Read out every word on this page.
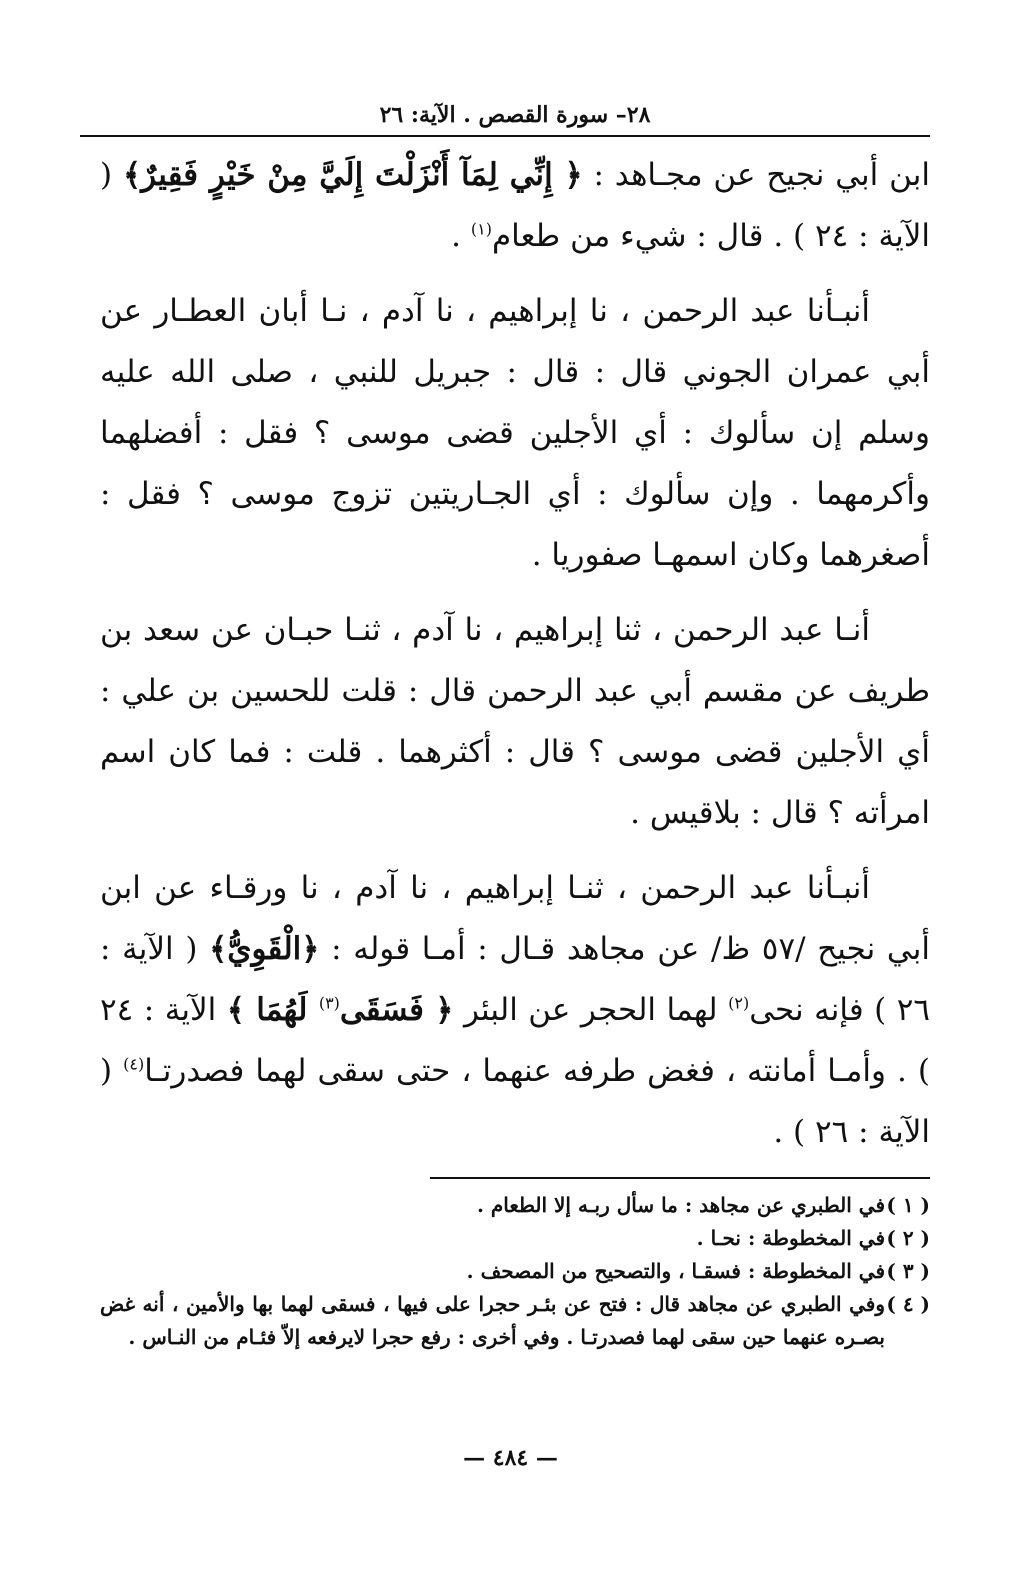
٢٨– سورة القصص . الآية: ٢٦

ابن أبي نجيح عن مجـاهد : ﴿ إِنِّي لِمَآ أَنْزَلْتَ إِلَيَّ مِنْ خَيْرٍ فَقِيرٌ﴾ ( الآية : ٢٤ ) . قال : شيء من طعام$^{(١)}$ .

أنبـأنا عبد الرحمن ، نا إبراهيم ، نا آدم ، نـا أبان العطـار عن أبي عمران الجوني قال : قال : جبريل للنبي ، صلى الله عليه وسلم إن سألوك : أي الأجلين قضى موسى ؟ فقل : أفضلهما وأكرمهما . وإن سألوك : أي الجـاريتين تزوج موسى ؟ فقل : أصغرهما وكان اسمهـا صفوريا .

أنـا عبد الرحمن ، ثنا إبراهيم ، نا آدم ، ثنـا حبـان عن سعد بن طريف عن مقسم أبي عبد الرحمن قال : قلت للحسين بن علي : أي الأجلين قضى موسى ؟ قال : أكثرهما . قلت : فما كان اسم امرأته ؟ قال : بلاقيس .

أنبـأنا عبد الرحمن ، ثنـا إبراهيم ، نا آدم ، نا ورقـاء عن ابن أبي نجيح /٥٧ ظ/ عن مجاهد قـال : أمـا قوله : ﴿الْقَوِيُّ﴾ ( الآية : ٢٦ ) فإنه نحى$^{(٢)}$ لهما الحجر عن البئر ﴿ فَسَقَى$^{(٣)}$ لَهُمَا ﴾ الآية : ٢٤ ) . وأمـا أمانته ، فغض طرفه عنهما ، حتى سقى لهما فصدرتـا$^{(٤)}$ ( الآية : ٢٦ ) .

( ١ )
في الطبري عن مجاهد : ما سأل ربـه إلا الطعام .
( ٢ )
في المخطوطة : نحـا .
( ٣ )
في المخطوطة : فسقـا ، والتصحيح من المصحف .
( ٤ )
وفي الطبري عن مجاهد قال : فتح عن بئـر حجرا على فيها ، فسقى لهما بها والأمين ، أنه غض بصـره عنهما حين سقى لهما فصدرتـا . وفي أخرى : رفع حجرا لايرفعه إلاّ فئـام من النـاس .
— ٤٨٤ —
